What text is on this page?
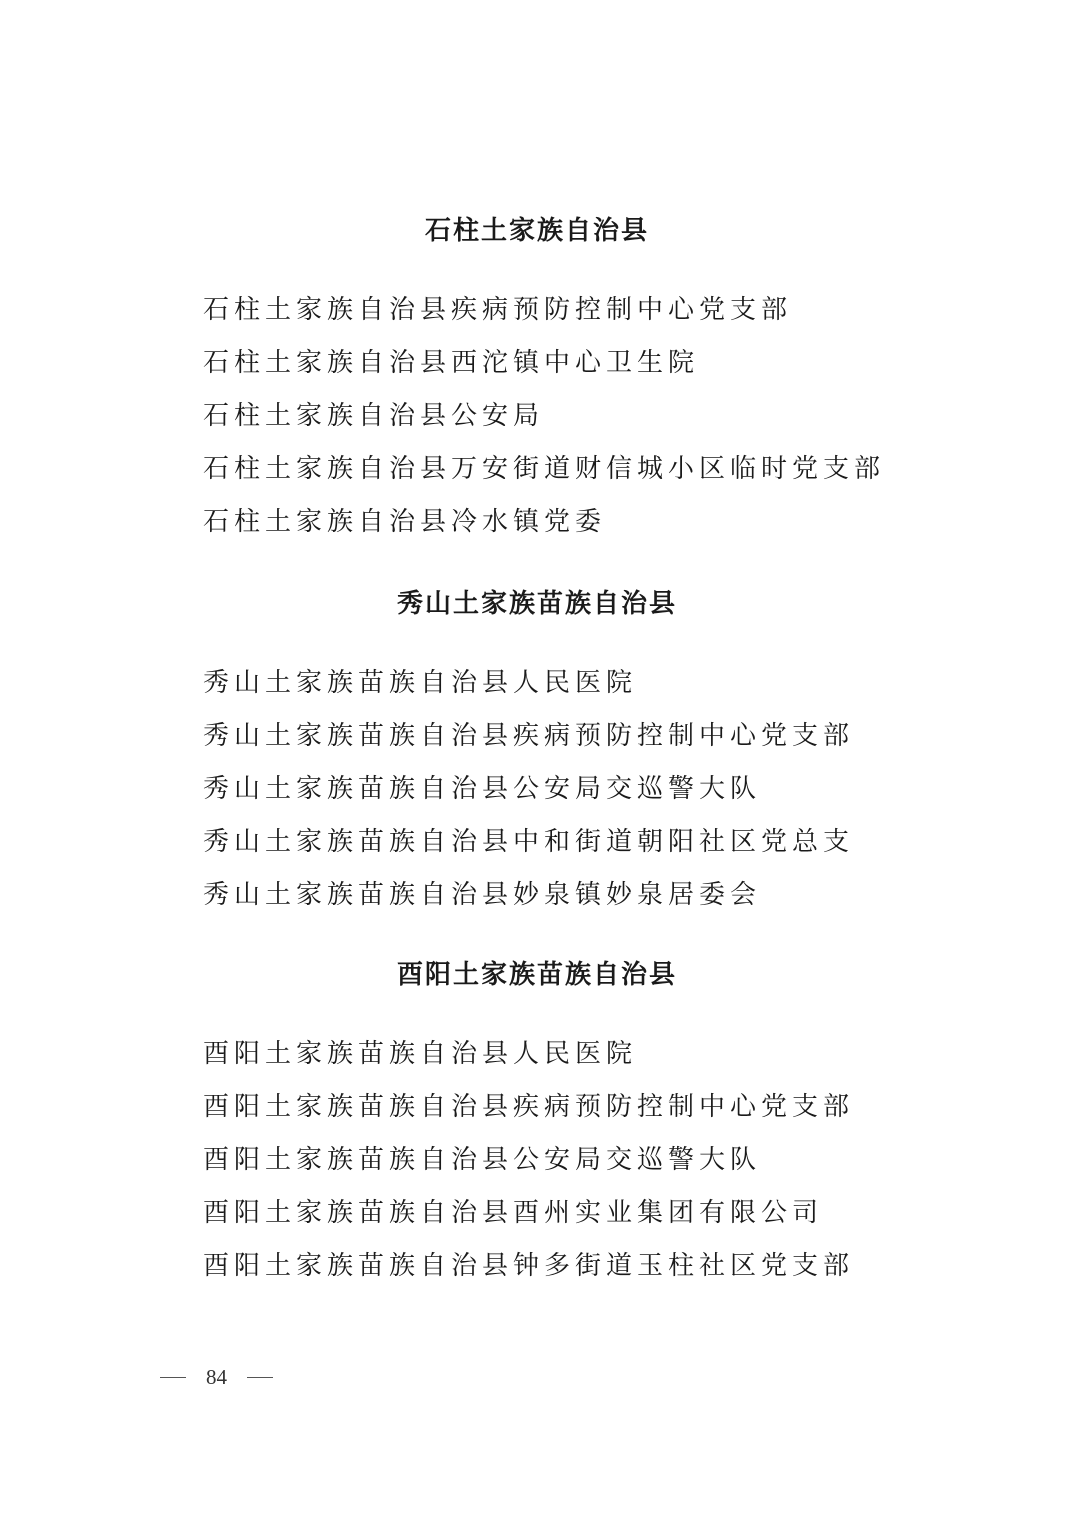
石柱土家族自治县
石柱土家族自治县疾病预防控制中心党支部
石柱土家族自治县西沱镇中心卫生院
石柱土家族自治县公安局
石柱土家族自治县万安街道财信城小区临时党支部
石柱土家族自治县冷水镇党委
秀山土家族苗族自治县
秀山土家族苗族自治县人民医院
秀山土家族苗族自治县疾病预防控制中心党支部
秀山土家族苗族自治县公安局交巡警大队
秀山土家族苗族自治县中和街道朝阳社区党总支
秀山土家族苗族自治县妙泉镇妙泉居委会
酉阳土家族苗族自治县
酉阳土家族苗族自治县人民医院
酉阳土家族苗族自治县疾病预防控制中心党支部
酉阳土家族苗族自治县公安局交巡警大队
酉阳土家族苗族自治县酉州实业集团有限公司
酉阳土家族苗族自治县钟多街道玉柱社区党支部
84
